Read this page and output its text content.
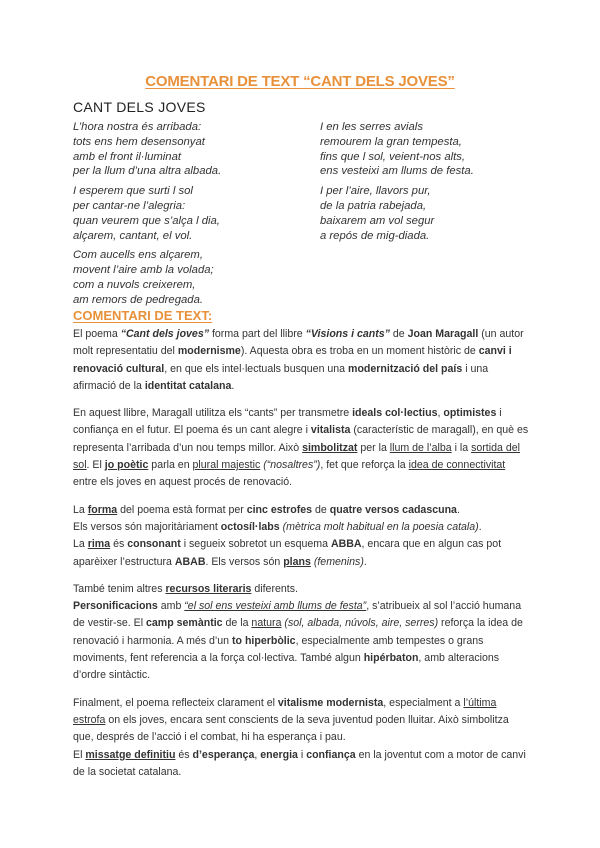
COMENTARI DE TEXT “CANT DELS JOVES”
CANT DELS JOVES
L’hora nostra és arribada:
tots ens hem desensonyat
amb el front il·luminat
per la llum d’una altra albada.
I esperem que surti l sol
per cantar-ne l’alegria:
quan veurem que s’alça l dia,
alçarem, cantant, el vol.
Com aucells ens alçarem,
movent l’aire amb la volada;
com a nuvols creixerem,
am remors de pedregada.
I en les serres avials
remourem la gran tempesta,
fins que l sol, veient-nos alts,
ens vesteixi am llums de festa.
I per l’aire, llavors pur,
de la patria rabejada,
baixarem am vol segur
a repós de mig-diada.
COMENTARI DE TEXT:
El poema “Cant dels joves” forma part del llibre “Visions i cants” de Joan Maragall (un autor molt representatiu del modernisme). Aquesta obra es troba en un moment històric de canvi i renovació cultural, en que els intel·lectuals busquen una modernització del país i una afirmació de la identitat catalana.
En aquest llibre, Maragall utilitza els “cants” per transmetre ideals col·lectius, optimistes i confiança en el futur. El poema és un cant alegre i vitalista (característic de maragall), en què es representa l’arribada d’un nou temps millor. Això simbolitzat per la llum de l’alba i la sortida del sol. El jo poètic parla en plural majestic (“nosaltres”), fet que reforça la idea de connectivitat entre els joves en aquest procés de renovació.
La forma del poema està format per cinc estrofes de quatre versos cadascuna.
Els versos són majoritàriament octosíl·labs (mètrica molt habitual en la poesia catala).
La rima és consonant i segueix sobretot un esquema ABBA, encara que en algun cas pot aparèixer l’estructura ABAB. Els versos són plans (femenins).
També tenim altres recursos literaris diferents.
Personificacions amb “el sol ens vesteixi amb llums de festa”, s’atribueix al sol l’acció humana de vestir-se. El camp semàntic de la natura (sol, albada, núvols, aire, serres) reforça la idea de renovació i harmonia. A més d’un to hiperbòlic, especialmente amb tempestes o grans moviments, fent referencia a la força col·lectiva. També algun hipérbaton, amb alteracions d’ordre sintàctic.
Finalment, el poema reflecteix clarament el vitalisme modernista, especialment a l’última estrofa on els joves, encara sent conscients de la seva juventud poden lluitar. Això simbolitza que, després de l’acció i el combat, hi ha esperança i pau.
El missatge definitiu és d’esperança, energia i confiança en la joventut com a motor de canvi de la societat catalana.
